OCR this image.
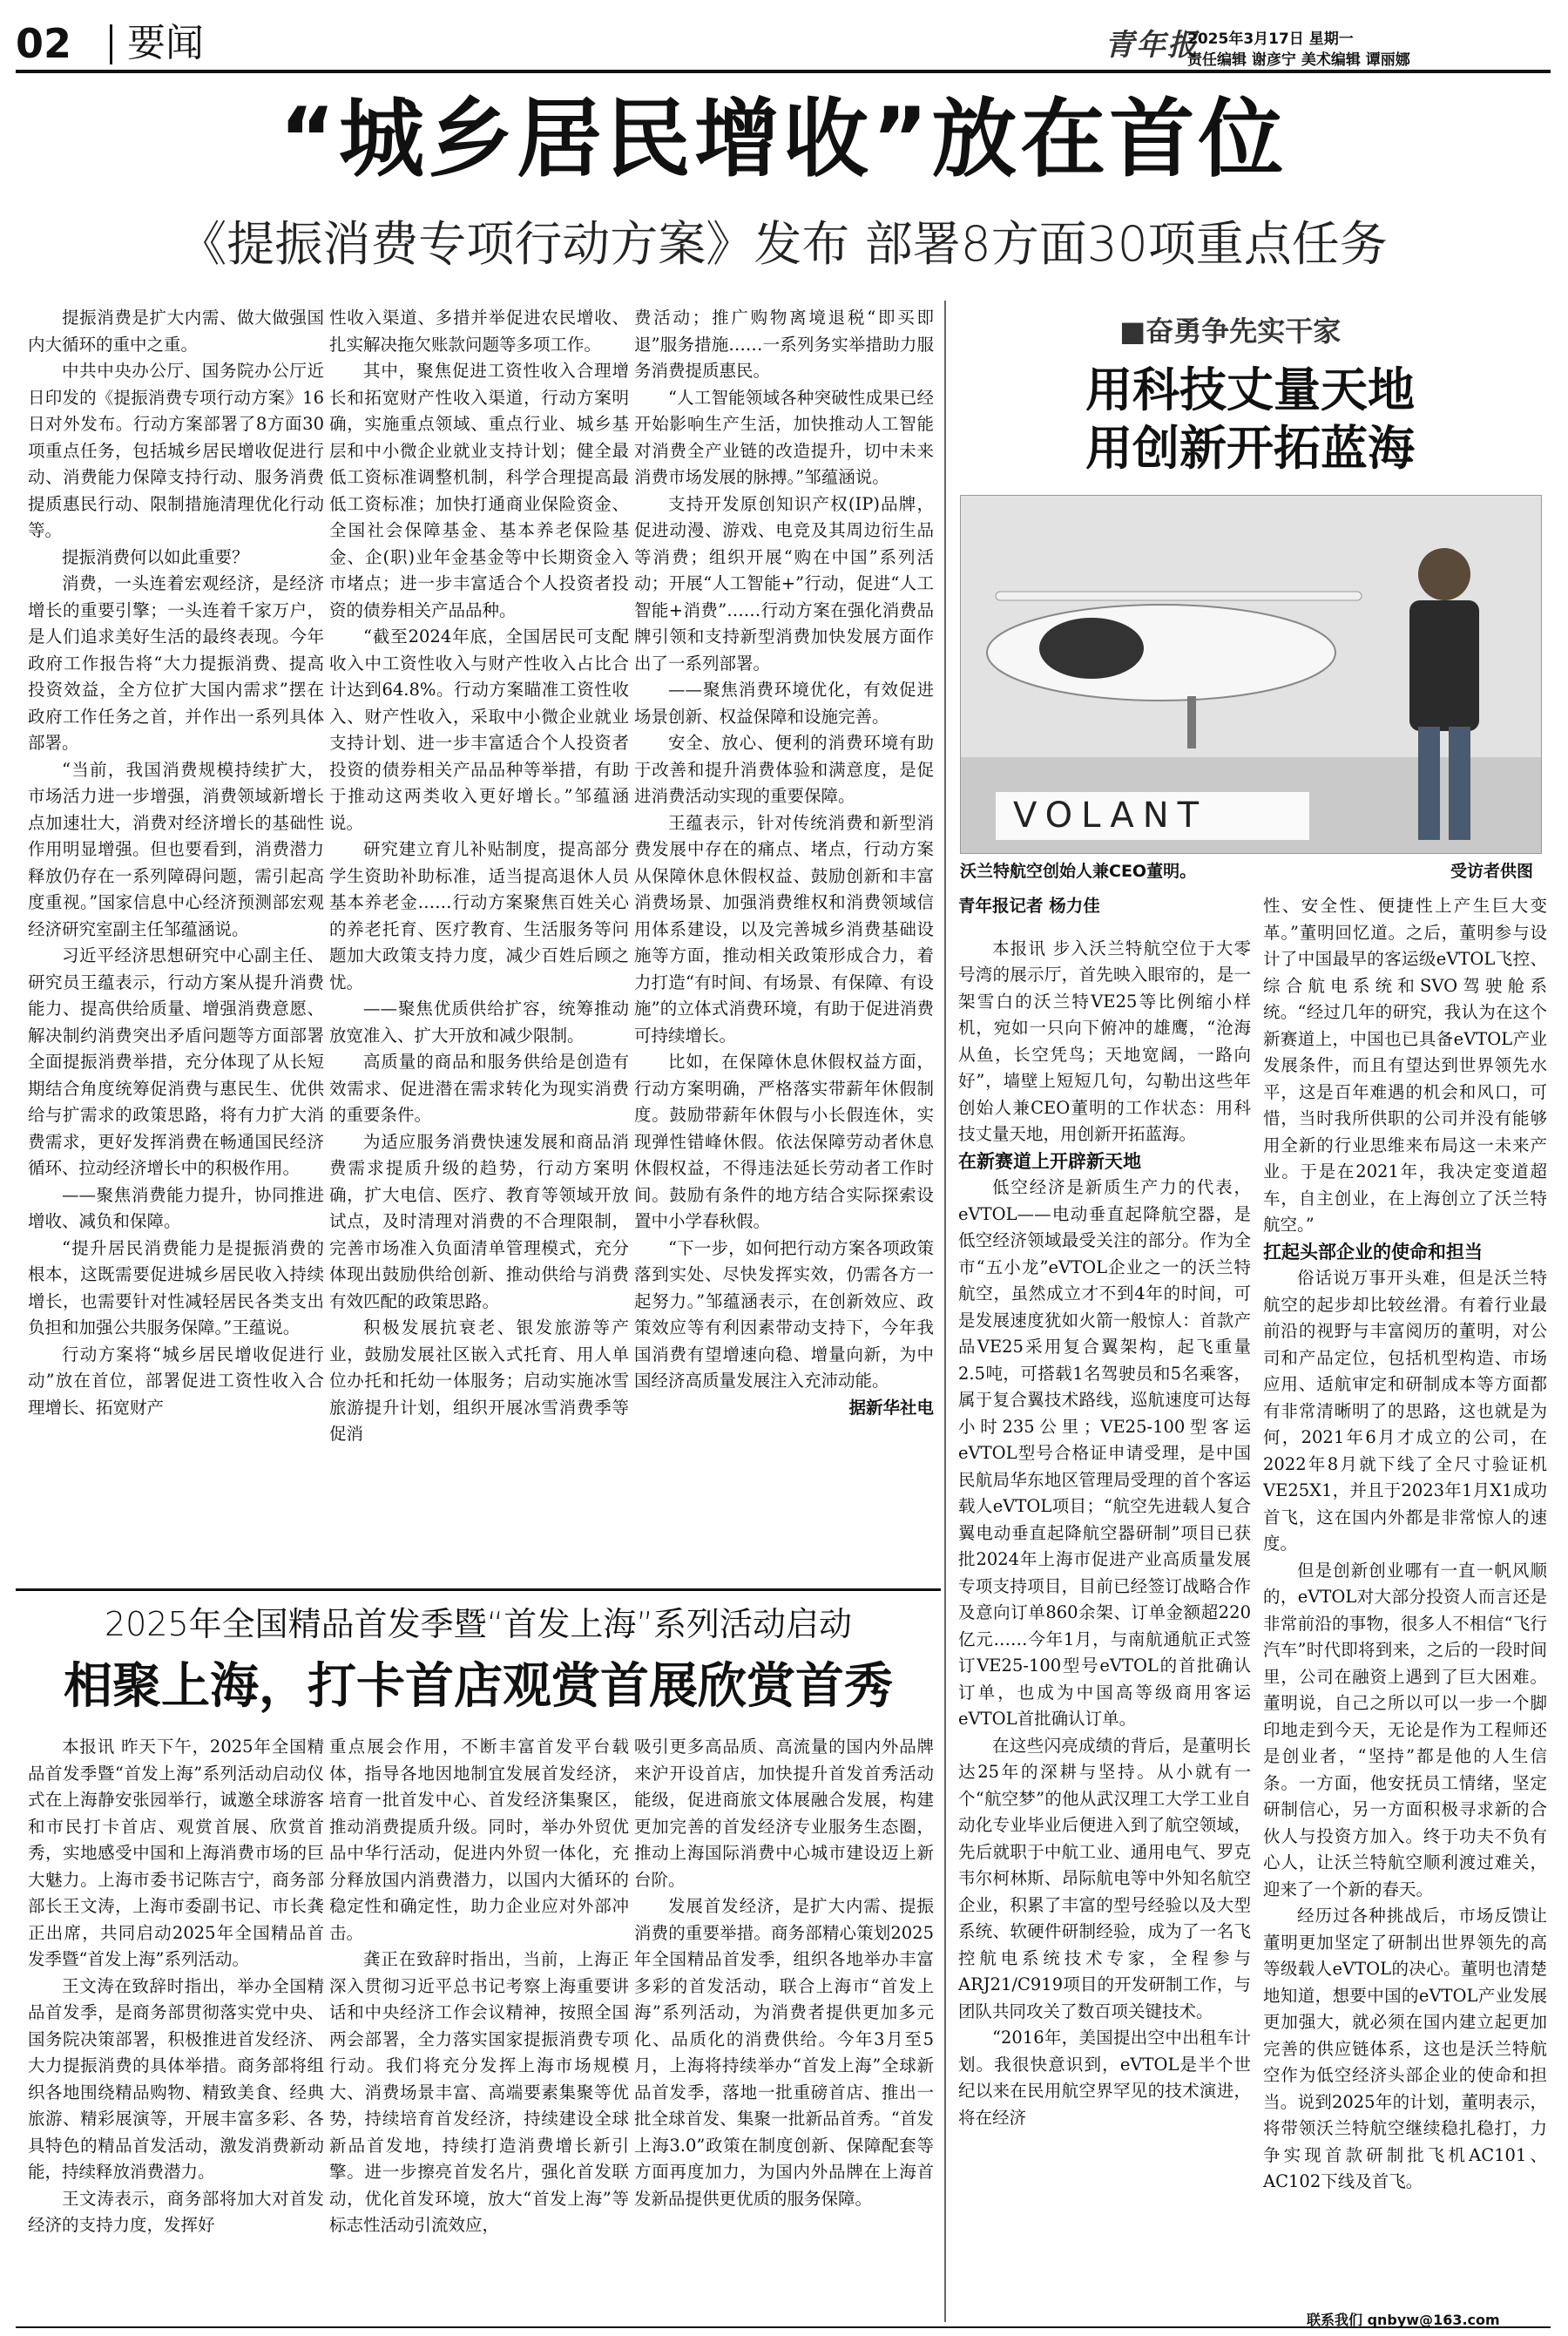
02 要闻	青年报
2025年3月17日 星期一
责任编辑 谢彦宁 美术编辑 谭丽娜
“城乡居民增收”放在首位
《提振消费专项行动方案》发布 部署8方面30项重点任务

提振消费是扩大内需、做大做强国内大循环的重中之重。

中共中央办公厅、国务院办公厅近日印发的《提振消费专项行动方案》16日对外发布。行动方案部署了8方面30项重点任务，包括城乡居民增收促进行动、消费能力保障支持行动、服务消费提质惠民行动、限制措施清理优化行动等。

提振消费何以如此重要？

消费，一头连着宏观经济，是经济增长的重要引擎；一头连着千家万户，是人们追求美好生活的最终表现。今年政府工作报告将“大力提振消费、提高投资效益，全方位扩大国内需求”摆在政府工作任务之首，并作出一系列具体部署。

“当前，我国消费规模持续扩大，市场活力进一步增强，消费领域新增长点加速壮大，消费对经济增长的基础性作用明显增强。但也要看到，消费潜力释放仍存在一系列障碍问题，需引起高度重视。”国家信息中心经济预测部宏观经济研究室副主任邹蕴涵说。

习近平经济思想研究中心副主任、研究员王蕴表示，行动方案从提升消费能力、提高供给质量、增强消费意愿、解决制约消费突出矛盾问题等方面部署全面提振消费举措，充分体现了从长短期结合角度统筹促消费与惠民生、优供给与扩需求的政策思路，将有力扩大消费需求，更好发挥消费在畅通国民经济循环、拉动经济增长中的积极作用。

——聚焦消费能力提升，协同推进增收、减负和保障。

“提升居民消费能力是提振消费的根本，这既需要促进城乡居民收入持续增长，也需要针对性减轻居民各类支出负担和加强公共服务保障。”王蕴说。

行动方案将“城乡居民增收促进行动”放在首位，部署促进工资性收入合理增长、拓宽财产

性收入渠道、多措并举促进农民增收、扎实解决拖欠账款问题等多项工作。

其中，聚焦促进工资性收入合理增长和拓宽财产性收入渠道，行动方案明确，实施重点领域、重点行业、城乡基层和中小微企业就业支持计划；健全最低工资标准调整机制，科学合理提高最低工资标准；加快打通商业保险资金、全国社会保障基金、基本养老保险基金、企(职)业年金基金等中长期资金入市堵点；进一步丰富适合个人投资者投资的债券相关产品品种。

“截至2024年底，全国居民可支配收入中工资性收入与财产性收入占比合计达到64.8%。行动方案瞄准工资性收入、财产性收入，采取中小微企业就业支持计划、进一步丰富适合个人投资者投资的债券相关产品品种等举措，有助于推动这两类收入更好增长。”邹蕴涵说。

研究建立育儿补贴制度，提高部分学生资助补助标准，适当提高退休人员基本养老金……行动方案聚焦百姓关心的养老托育、医疗教育、生活服务等问题加大政策支持力度，减少百姓后顾之忧。

——聚焦优质供给扩容，统筹推动放宽准入、扩大开放和减少限制。

高质量的商品和服务供给是创造有效需求、促进潜在需求转化为现实消费的重要条件。

为适应服务消费快速发展和商品消费需求提质升级的趋势，行动方案明确，扩大电信、医疗、教育等领域开放试点，及时清理对消费的不合理限制，完善市场准入负面清单管理模式，充分体现出鼓励供给创新、推动供给与消费有效匹配的政策思路。

积极发展抗衰老、银发旅游等产业，鼓励发展社区嵌入式托育、用人单位办托和托幼一体服务；启动实施冰雪旅游提升计划，组织开展冰雪消费季等促消

费活动；推广购物离境退税“即买即退”服务措施……一系列务实举措助力服务消费提质惠民。

“人工智能领域各种突破性成果已经开始影响生产生活，加快推动人工智能对消费全产业链的改造提升，切中未来消费市场发展的脉搏。”邹蕴涵说。

支持开发原创知识产权(IP)品牌，促进动漫、游戏、电竞及其周边衍生品等消费；组织开展“购在中国”系列活动；开展“人工智能+”行动，促进“人工智能+消费”……行动方案在强化消费品牌引领和支持新型消费加快发展方面作出了一系列部署。

——聚焦消费环境优化，有效促进场景创新、权益保障和设施完善。

安全、放心、便利的消费环境有助于改善和提升消费体验和满意度，是促进消费活动实现的重要保障。

王蕴表示，针对传统消费和新型消费发展中存在的痛点、堵点，行动方案从保障休息休假权益、鼓励创新和丰富消费场景、加强消费维权和消费领域信用体系建设，以及完善城乡消费基础设施等方面，推动相关政策形成合力，着力打造“有时间、有场景、有保障、有设施”的立体式消费环境，有助于促进消费可持续增长。

比如，在保障休息休假权益方面，行动方案明确，严格落实带薪年休假制度。鼓励带薪年休假与小长假连休，实现弹性错峰休假。依法保障劳动者休息休假权益，不得违法延长劳动者工作时间。鼓励有条件的地方结合实际探索设置中小学春秋假。

“下一步，如何把行动方案各项政策落到实处、尽快发挥实效，仍需各方一起努力。”邹蕴涵表示，在创新效应、政策效应等有利因素带动支持下，今年我国消费有望增速向稳、增量向新，为中国经济高质量发展注入充沛动能。

据新华社电

■奋勇争先实干家
用科技丈量天地
用创新开拓蓝海
VOLANT
沃兰特航空创始人兼CEO董明。	受访者供图

青年报记者 杨力佳

本报讯 步入沃兰特航空位于大零号湾的展示厅，首先映入眼帘的，是一架雪白的沃兰特VE25等比例缩小样机，宛如一只向下俯冲的雄鹰，“沧海从鱼，长空凭鸟；天地宽阔，一路向好”，墙壁上短短几句，勾勒出这些年创始人兼CEO董明的工作状态：用科技丈量天地，用创新开拓蓝海。

在新赛道上开辟新天地

低空经济是新质生产力的代表，eVTOL——电动垂直起降航空器，是低空经济领域最受关注的部分。作为全市“五小龙”eVTOL企业之一的沃兰特航空，虽然成立才不到4年的时间，可是发展速度犹如火箭一般惊人：首款产品VE25采用复合翼架构，起飞重量2.5吨，可搭载1名驾驶员和5名乘客，属于复合翼技术路线，巡航速度可达每小时235公里；VE25-100型客运eVTOL型号合格证申请受理，是中国民航局华东地区管理局受理的首个客运载人eVTOL项目；“航空先进载人复合翼电动垂直起降航空器研制”项目已获批2024年上海市促进产业高质量发展专项支持项目，目前已经签订战略合作及意向订单860余架、订单金额超220亿元……今年1月，与南航通航正式签订VE25-100型号eVTOL的首批确认订单，也成为中国高等级商用客运eVTOL首批确认订单。

在这些闪亮成绩的背后，是董明长达25年的深耕与坚持。从小就有一个“航空梦”的他从武汉理工大学工业自动化专业毕业后便进入到了航空领域，先后就职于中航工业、通用电气、罗克韦尔柯林斯、昂际航电等中外知名航空企业，积累了丰富的型号经验以及大型系统、软硬件研制经验，成为了一名飞控航电系统技术专家，全程参与ARJ21/C919项目的开发研制工作，与团队共同攻关了数百项关键技术。

“2016年，美国提出空中出租车计划。我很快意识到，eVTOL是半个世纪以来在民用航空界罕见的技术演进，将在经济

性、安全性、便捷性上产生巨大变革。”董明回忆道。之后，董明参与设计了中国最早的客运级eVTOL飞控、综合航电系统和SVO驾驶舱系统。“经过几年的研究，我认为在这个新赛道上，中国也已具备eVTOL产业发展条件，而且有望达到世界领先水平，这是百年难遇的机会和风口，可惜，当时我所供职的公司并没有能够用全新的行业思维来布局这一未来产业。于是在2021年，我决定变道超车，自主创业，在上海创立了沃兰特航空。”

扛起头部企业的使命和担当

俗话说万事开头难，但是沃兰特航空的起步却比较丝滑。有着行业最前沿的视野与丰富阅历的董明，对公司和产品定位，包括机型构造、市场应用、适航审定和研制成本等方面都有非常清晰明了的思路，这也就是为何，2021年6月才成立的公司，在2022年8月就下线了全尺寸验证机VE25X1，并且于2023年1月X1成功首飞，这在国内外都是非常惊人的速度。

但是创新创业哪有一直一帆风顺的，eVTOL对大部分投资人而言还是非常前沿的事物，很多人不相信“飞行汽车”时代即将到来，之后的一段时间里，公司在融资上遇到了巨大困难。董明说，自己之所以可以一步一个脚印地走到今天，无论是作为工程师还是创业者，“坚持”都是他的人生信条。一方面，他安抚员工情绪，坚定研制信心，另一方面积极寻求新的合伙人与投资方加入。终于功夫不负有心人，让沃兰特航空顺利渡过难关，迎来了一个新的春天。

经历过各种挑战后，市场反馈让董明更加坚定了研制出世界领先的高等级载人eVTOL的决心。董明也清楚地知道，想要中国的eVTOL产业发展更加强大，就必须在国内建立起更加完善的供应链体系，这也是沃兰特航空作为低空经济头部企业的使命和担当。说到2025年的计划，董明表示，将带领沃兰特航空继续稳扎稳打，力争实现首款研制批飞机AC101、AC102下线及首飞。

2025年全国精品首发季暨“首发上海”系列活动启动
相聚上海，打卡首店观赏首展欣赏首秀

本报讯 昨天下午，2025年全国精品首发季暨“首发上海”系列活动启动仪式在上海静安张园举行，诚邀全球游客和市民打卡首店、观赏首展、欣赏首秀，实地感受中国和上海消费市场的巨大魅力。上海市委书记陈吉宁，商务部部长王文涛，上海市委副书记、市长龚正出席，共同启动2025年全国精品首发季暨“首发上海”系列活动。

王文涛在致辞时指出，举办全国精品首发季，是商务部贯彻落实党中央、国务院决策部署，积极推进首发经济、大力提振消费的具体举措。商务部将组织各地围绕精品购物、精致美食、经典旅游、精彩展演等，开展丰富多彩、各具特色的精品首发活动，激发消费新动能，持续释放消费潜力。

王文涛表示，商务部将加大对首发经济的支持力度，发挥好

重点展会作用，不断丰富首发平台载体，指导各地因地制宜发展首发经济，培育一批首发中心、首发经济集聚区，推动消费提质升级。同时，举办外贸优品中华行活动，促进内外贸一体化，充分释放国内消费潜力，以国内大循环的稳定性和确定性，助力企业应对外部冲击。

龚正在致辞时指出，当前，上海正深入贯彻习近平总书记考察上海重要讲话和中央经济工作会议精神，按照全国两会部署，全力落实国家提振消费专项行动。我们将充分发挥上海市场规模大、消费场景丰富、高端要素集聚等优势，持续培育首发经济，持续建设全球新品首发地，持续打造消费增长新引擎。进一步擦亮首发名片，强化首发联动，优化首发环境，放大“首发上海”等标志性活动引流效应，

吸引更多高品质、高流量的国内外品牌来沪开设首店，加快提升首发首秀活动能级，促进商旅文体展融合发展，构建更加完善的首发经济专业服务生态圈，推动上海国际消费中心城市建设迈上新台阶。

发展首发经济，是扩大内需、提振消费的重要举措。商务部精心策划2025年全国精品首发季，组织各地举办丰富多彩的首发活动，联合上海市“首发上海”系列活动，为消费者提供更加多元化、品质化的消费供给。今年3月至5月，上海将持续举办“首发上海”全球新品首发季，落地一批重磅首店、推出一批全球首发、集聚一批新品首秀。“首发上海3.0”政策在制度创新、保障配套等方面再度加力，为国内外品牌在上海首发新品提供更优质的服务保障。

联系我们 qnbyw@163.com
